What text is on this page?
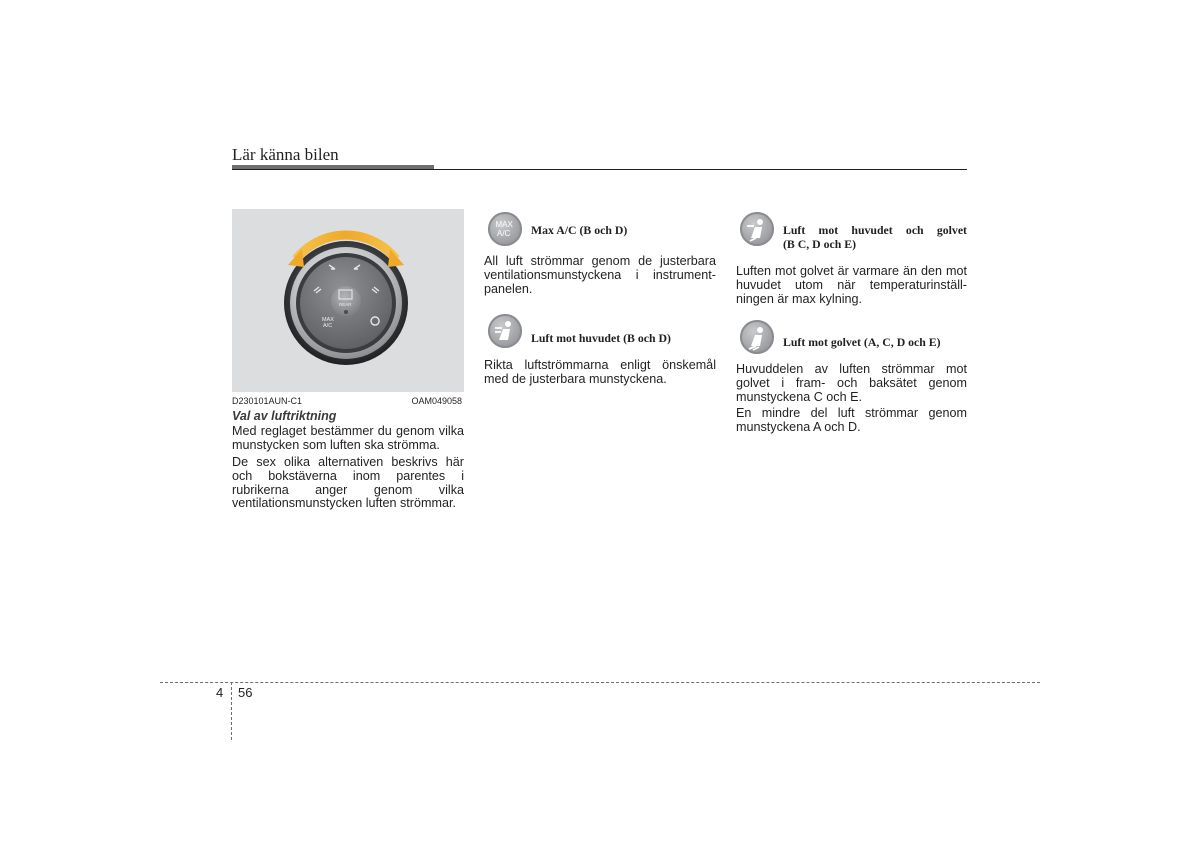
Lär känna bilen
MAX
A/C
REAR
OAM049058
D230101AUN-C1
Val av luftriktning
Med reglaget bestämmer du genom vilka munstycken som luften ska strömma.
De sex olika alternativen beskrivs här och bokstäverna inom parentes i rubrikerna anger genom vilka ventilationsmunstycken luften strömmar.
MAX
A/C Max A/C (B och D)
All luft strömmar genom de justerbara ventilationsmunstyckena i instrument-panelen.
Luft mot huvudet (B och D)
Rikta luftströmmarna enligt önskemål med de justerbara munstyckena.
Luft mot huvudet och golvet
(B C, D och E)
Luften mot golvet är varmare än den mot huvudet utom när temperaturinställ-ningen är max kylning.
Luft mot golvet (A, C, D och E)
Huvuddelen av luften strömmar mot golvet i fram- och baksätet genom munstyckena C och E.
En mindre del luft strömmar genom munstyckena A och D.
4 56
